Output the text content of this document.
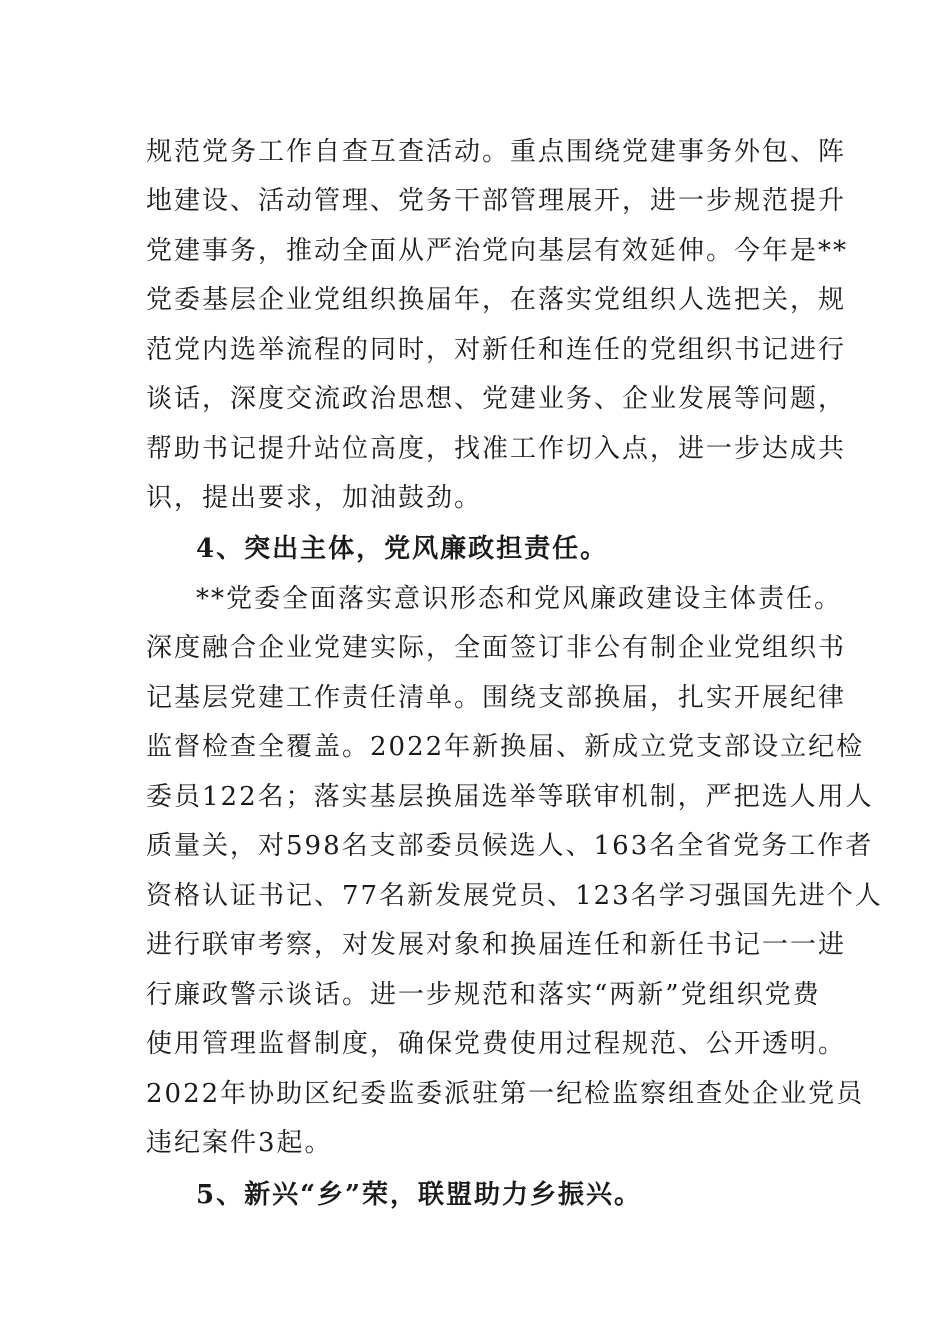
规范党务工作自查互查活动。重点围绕党建事务外包、阵
地建设、活动管理、党务干部管理展开，进一步规范提升
党建事务，推动全面从严治党向基层有效延伸。今年是**
党委基层企业党组织换届年，在落实党组织人选把关，规
范党内选举流程的同时，对新任和连任的党组织书记进行
谈话，深度交流政治思想、党建业务、企业发展等问题，
帮助书记提升站位高度，找准工作切入点，进一步达成共
识，提出要求，加油鼓劲。
4、突出主体，党风廉政担责任。
**党委全面落实意识形态和党风廉政建设主体责任。
深度融合企业党建实际，全面签订非公有制企业党组织书
记基层党建工作责任清单。围绕支部换届，扎实开展纪律
监督检查全覆盖。2022年新换届、新成立党支部设立纪检
委员122名；落实基层换届选举等联审机制，严把选人用人
质量关，对598名支部委员候选人、163名全省党务工作者
资格认证书记、77名新发展党员、123名学习强国先进个人
进行联审考察，对发展对象和换届连任和新任书记一一进
行廉政警示谈话。进一步规范和落实“两新”党组织党费
使用管理监督制度，确保党费使用过程规范、公开透明。
2022年协助区纪委监委派驻第一纪检监察组查处企业党员
违纪案件3起。
5、新兴“乡”荣，联盟助力乡振兴。
